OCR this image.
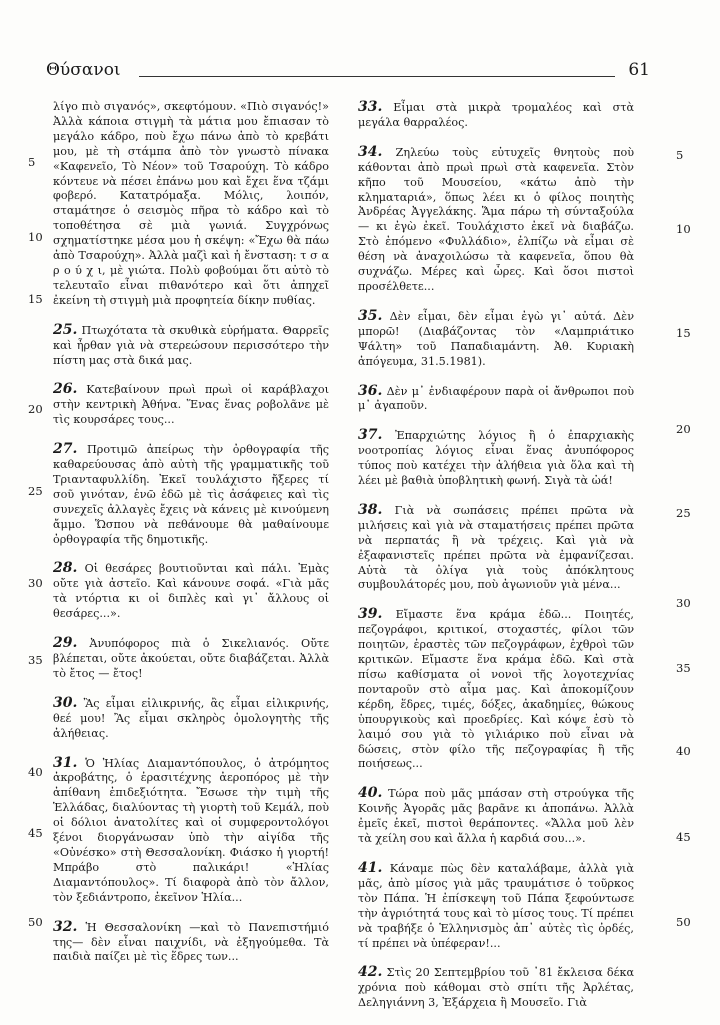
Θύσανοι	61

λίγο πιὸ σιγανός», σκεφτόμουν. «Πιὸ σιγανός!» Ἀλλὰ κάποια στιγμὴ τὰ μάτια μου ἔπιασαν τὸ μεγάλο κάδρο, ποὺ ἔχω πάνω ἀπὸ τὸ κρεβάτι μου, μὲ τὴ στάμπα ἀπὸ τὸν γνωστὸ πίνακα «Καφενεῖο, Τὸ Νέον» τοῦ Τσαρούχη. Τὸ κάδρο κόντευε νὰ πέσει ἐπάνω μου καὶ ἔχει ἕνα τζάμι φοβερό. Κατατρόμαξα. Μόλις, λοιπόν, σταμάτησε ὁ σεισμὸς πῆρα τὸ κάδρο καὶ τὸ τοποθέτησα σὲ μιὰ γωνιά. Συγχρόνως σχηματίστηκε μέσα μου ἡ σκέψη: «Ἔχω θὰ πάω ἀπὸ Τσαρούχη». Ἀλλὰ μαζὶ καὶ ἡ ἔνσταση: τ σ α ρ ο ύ χ ι, μὲ γιώτα. Πολὺ φοβούμαι ὅτι αὐτὸ τὸ τελευταῖο εἶναι πιθανότερο καὶ ὅτι ἀπηχεῖ ἐκείνη τὴ στιγμὴ μιὰ προφητεία δίκην πυθίας.

25. Πτωχότατα τὰ σκυθικὰ εὑρήματα. Θαρρεῖς καὶ ἦρθαν γιὰ νὰ στερεώσουν περισσότερο τὴν πίστη μας στὰ δικά μας.

26. Κατεβαίνουν πρωὶ πρωὶ οἱ καράβλαχοι στὴν κεντρικὴ Ἀθήνα. Ἕνας ἕνας ροβολᾶνε μὲ τὶς κουρσάρες τους...

27. Προτιμῶ ἀπείρως τὴν ὀρθογραφία τῆς καθαρεύουσας ἀπὸ αὐτὴ τῆς γραμματικῆς τοῦ Τριανταφυλλίδη. Ἐκεῖ τουλάχιστο ἤξερες τί σοῦ γινόταν, ἐνῶ ἐδῶ μὲ τὶς ἀσάφειες καὶ τὶς συνεχεῖς ἀλλαγὲς ἔχεις νὰ κάνεις μὲ κινούμενη ἄμμο. Ὥσπου νὰ πεθάνουμε θὰ μαθαίνουμε ὀρθογραφία τῆς δημοτικῆς.

28. Οἱ θεσάρες βουτιοῦνται καὶ πάλι. Ἐμὰς οὔτε γιὰ ἀστεῖο. Καὶ κάνουνε σοφά. «Γιὰ μᾶς τὰ ντόρτια κι οἱ διπλὲς καὶ γι᾽ ἄλλους οἱ θεσάρες...».

29. Ἀνυπόφορος πιὰ ὁ Σικελιανός. Οὔτε βλέπεται, οὔτε ἀκούεται, οὔτε διαβάζεται. Ἀλλὰ τὸ ἔτος — ἔτος!

30. Ἂς εἶμαι εἰλικρινής, ἂς εἶμαι εἰλικρινής, θεέ μου! Ἂς εἶμαι σκληρὸς ὁμολογητὴς τῆς ἀλήθειας.

31. Ὁ Ἡλίας Διαμαντόπουλος, ὁ ἀτρόμητος ἀκροβάτης, ὁ ἐρασιτέχνης ἀεροπόρος μὲ τὴν ἀπίθανη ἐπιδεξιότητα. Ἔσωσε τὴν τιμὴ τῆς Ἑλλάδας, διαλύοντας τὴ γιορτὴ τοῦ Κεμάλ, ποὺ οἱ δόλιοι ἀνατολίτες καὶ οἱ συμφεροντολόγοι ξένοι διοργάνωσαν ὑπὸ τὴν αἰγίδα τῆς «Οὐνέσκο» στὴ Θεσσαλονίκη. Φιάσκο ἡ γιορτή! Μπράβο στὸ παλικάρι! «Ἡλίας Διαμαντόπουλος». Τί διαφορὰ ἀπὸ τὸν ἄλλον, τὸν ξεδιάντροπο, ἐκεῖνον Ἡλία...

32. Ἡ Θεσσαλονίκη —καὶ τὸ Πανεπιστήμιό της— δὲν εἶναι παιχνίδι, νὰ ἐξηγούμεθα. Τὰ παιδιὰ παίζει μὲ τὶς ἕδρες των...

33. Εἶμαι στὰ μικρὰ τρομαλέος καὶ στὰ μεγάλα θαρραλέος.

34. Ζηλεύω τοὺς εὐτυχεῖς θνητοὺς ποὺ κάθονται ἀπὸ πρωὶ πρωὶ στὰ καφενεῖα. Στὸν κῆπο τοῦ Μουσείου, «κάτω ἀπὸ τὴν κληματαριά», ὅπως λέει κι ὁ φίλος ποιητὴς Ἀνδρέας Ἀγγελάκης. Ἅμα πάρω τὴ σύνταξούλα — κι ἐγὼ ἐκεῖ. Τουλάχιστο ἐκεῖ νὰ διαβάζω. Στὸ ἐπόμενο «Φυλλάδιο», ἐλπίζω νὰ εἶμαι σὲ θέση νὰ ἀναχοιλώσω τὰ καφενεῖα, ὅπου θὰ συχνάζω. Μέρες καὶ ὧρες. Καὶ ὅσοι πιστοὶ προσέλθετε...

35. Δὲν εἶμαι, δὲν εἶμαι ἐγὼ γι᾽ αὐτά. Δὲν μπορῶ! (Διαβάζοντας τὸν «Λαμπριάτικο Ψάλτη» τοῦ Παπαδιαμάντη. Ἀθ. Κυριακὴ ἀπόγευμα, 31.5.1981).

36. Δὲν μ᾽ ἐνδιαφέρουν παρὰ οἱ ἄνθρωποι ποὺ μ᾽ ἀγαποῦν.

37. Ἐπαρχιώτης λόγιος ἢ ὁ ἐπαρχιακὴς νοοτροπίας λόγιος εἶναι ἕνας ἀνυπόφορος τύπος ποὺ κατέχει τὴν ἀλήθεια γιὰ ὅλα καὶ τὴ λέει μὲ βαθιὰ ὑποβλητικὴ φωνή. Σιγὰ τὰ ὠά!

38. Γιὰ νὰ σωπάσεις πρέπει πρῶτα νὰ μιλήσεις καὶ γιὰ νὰ σταματήσεις πρέπει πρῶτα νὰ περπατάς ἢ νὰ τρέχεις. Καὶ γιὰ νὰ ἐξαφανιστεῖς πρέπει πρῶτα νὰ ἐμφανίζεσαι. Αὐτὰ τὰ ὀλίγα γιὰ τοὺς ἀπόκλητους συμβουλάτορές μου, ποὺ ἀγωνιοῦν γιὰ μένα...

39. Εἴμαστε ἕνα κράμα ἐδῶ... Ποιητές, πεζογράφοι, κριτικοί, στοχαστές, φίλοι τῶν ποιητῶν, ἐραστὲς τῶν πεζογράφων, ἐχθροὶ τῶν κριτικῶν. Εἴμαστε ἕνα κράμα ἐδῶ. Καὶ στὰ πίσω καθίσματα οἱ νονοὶ τῆς λογοτεχνίας πονταροῦν στὸ αἷμα μας. Καὶ ἀποκομίζουν κέρδη, ἕδρες, τιμές, δόξες, ἀκαδημίες, θώκους ὑπουργικοὺς καὶ προεδρίες. Καὶ κόψε ἐσὺ τὸ λαιμό σου γιὰ τὸ γιλιάρικο ποὺ εἶναι νὰ δώσεις, στὸν φίλο τῆς πεζογραφίας ἢ τῆς ποιήσεως...

40. Τώρα ποὺ μᾶς μπάσαν στὴ στρούγκα τῆς Κοινῆς Ἀγορᾶς μᾶς βαρᾶνε κι ἀποπάνω. Ἀλλὰ ἐμεῖς ἐκεῖ, πιστοὶ θεράποντες. «Ἄλλα μοῦ λὲν τὰ χείλη σου καὶ ἄλλα ἡ καρδιά σου...».

41. Κάναμε πὼς δὲν καταλάβαμε, ἀλλὰ γιὰ μᾶς, ἀπὸ μίσος γιὰ μᾶς τραυμάτισε ὁ τοῦρκος τὸν Πάπα. Ἡ ἐπίσκεψη τοῦ Πάπα ξεφούντωσε τὴν ἀγριότητά τους καὶ τὸ μίσος τους. Τί πρέπει νὰ τραβήξε ὁ Ἑλληνισμὸς ἀπ᾽ αὐτὲς τὶς ὀρδές, τί πρέπει νὰ ὑπέφεραν!...

42. Στὶς 20 Σεπτεμβρίου τοῦ ᾽81 ἔκλεισα δέκα χρόνια ποὺ κάθομαι στὸ σπίτι τῆς Ἀρλέτας, Δεληγιάννη 3, Ἐξάρχεια ἢ Μουσεῖο. Γιὰ

5
10
15
20
25
30
35
40
45
50
5
10
15
20
25
30
35
40
45
50
